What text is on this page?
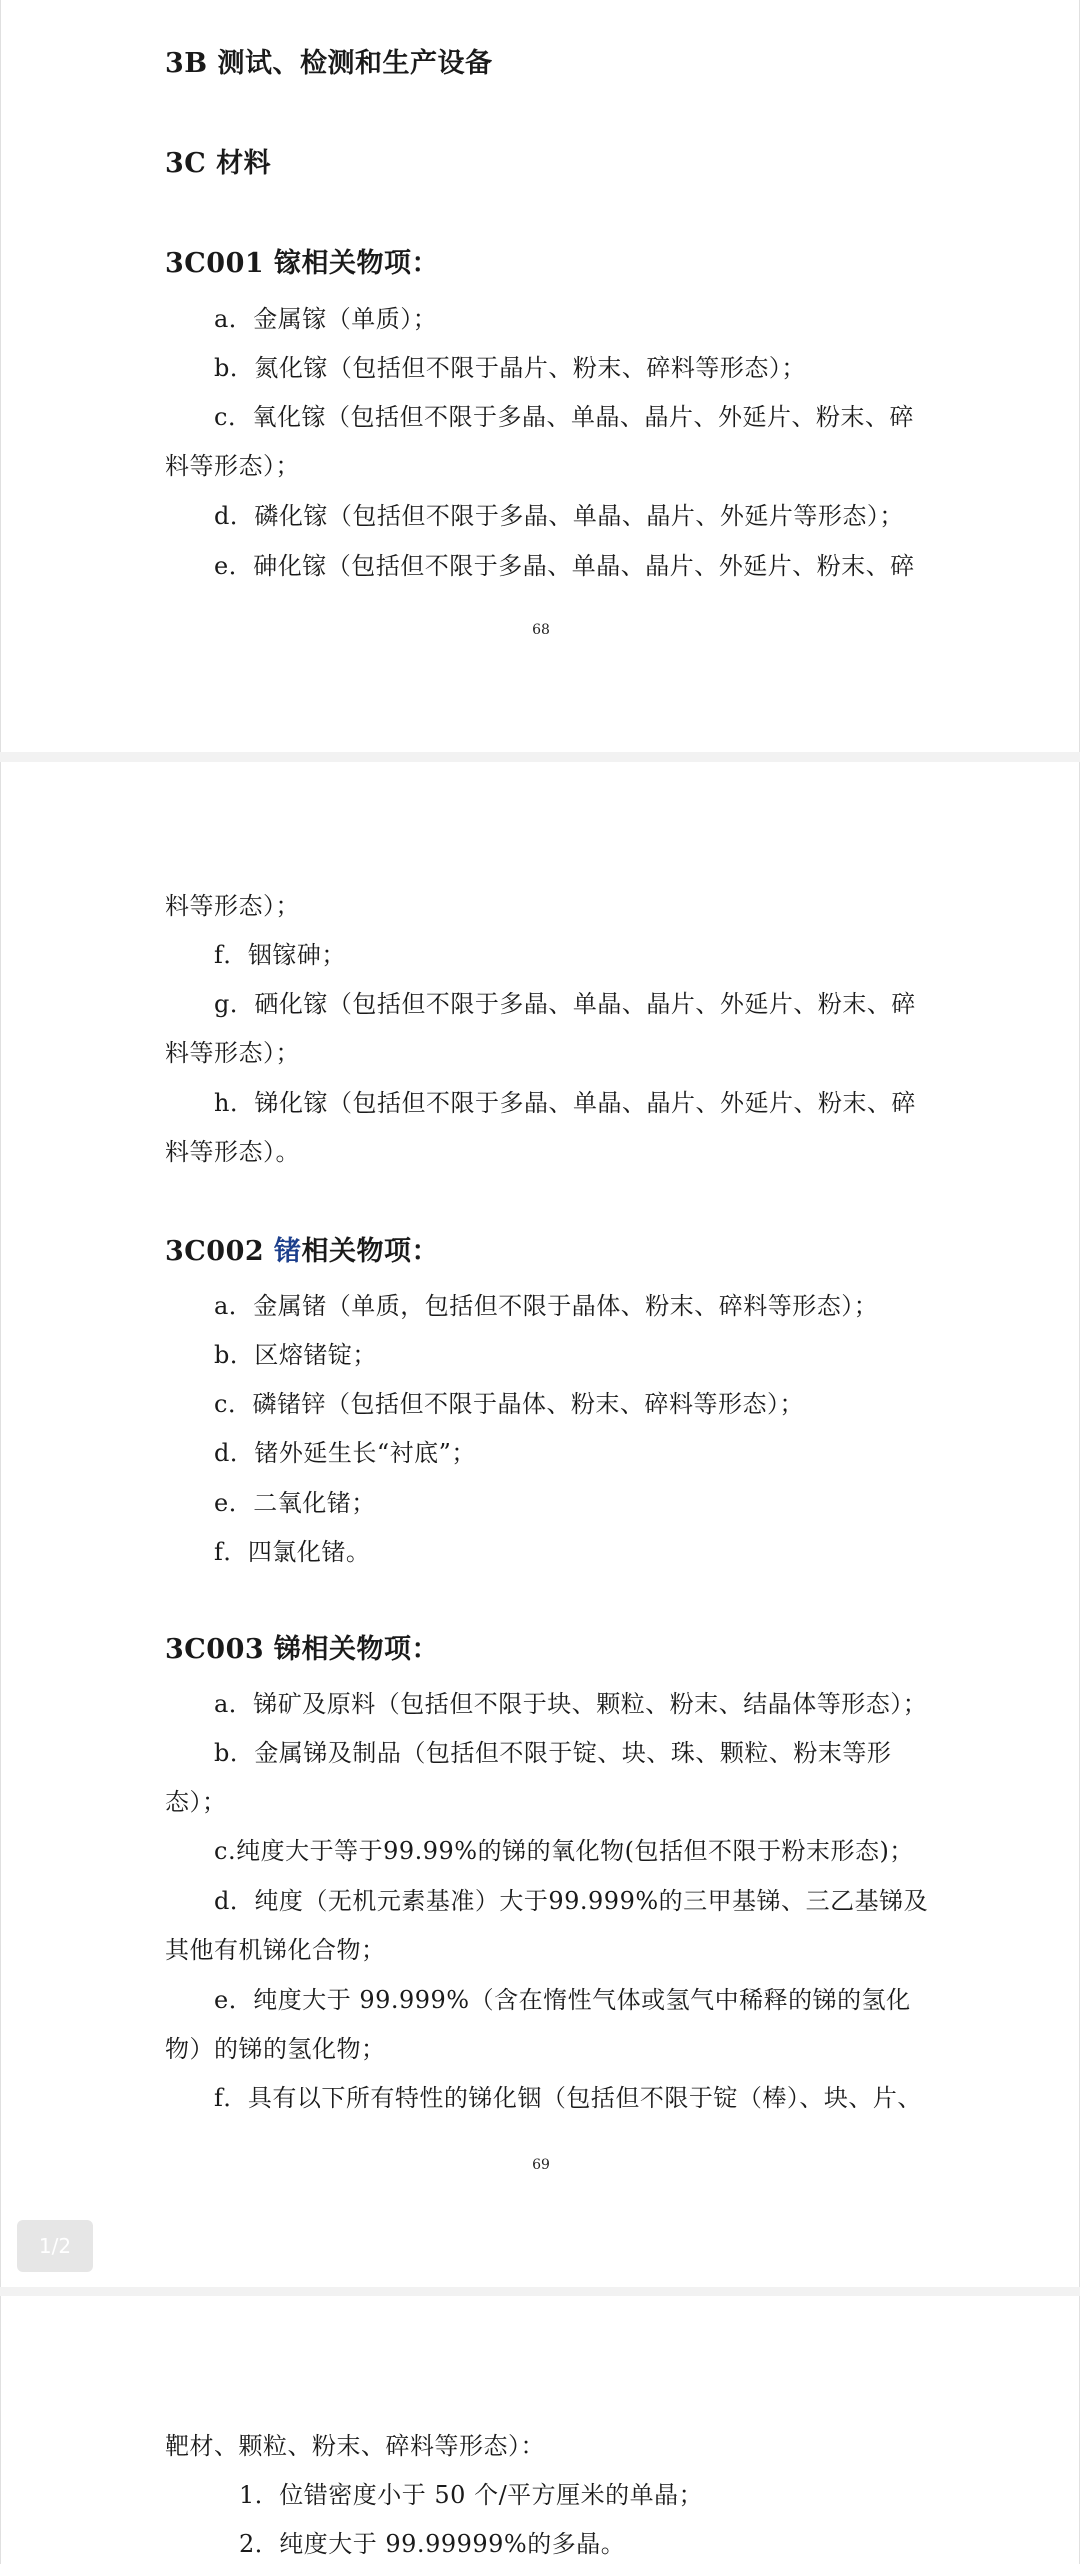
3B 测试、检测和生产设备
3C 材料
3C001 镓相关物项：
a．金属镓（单质）；
b．氮化镓（包括但不限于晶片、粉末、碎料等形态）；
c．氧化镓（包括但不限于多晶、单晶、晶片、外延片、粉末、碎
料等形态）；
d．磷化镓（包括但不限于多晶、单晶、晶片、外延片等形态）；
e．砷化镓（包括但不限于多晶、单晶、晶片、外延片、粉末、碎
68
料等形态）；
f．铟镓砷；
g．硒化镓（包括但不限于多晶、单晶、晶片、外延片、粉末、碎
料等形态）；
h．锑化镓（包括但不限于多晶、单晶、晶片、外延片、粉末、碎
料等形态）。
3C002 锗相关物项：
a．金属锗（单质，包括但不限于晶体、粉末、碎料等形态）；
b．区熔锗锭；
c．磷锗锌（包括但不限于晶体、粉末、碎料等形态）；
d．锗外延生长“衬底”；
e．二氧化锗；
f．四氯化锗。
3C003 锑相关物项：
a．锑矿及原料（包括但不限于块、颗粒、粉末、结晶体等形态）；
b．金属锑及制品（包括但不限于锭、块、珠、颗粒、粉末等形
态）；
c.纯度大于等于99.99%的锑的氧化物(包括但不限于粉末形态)；
d．纯度（无机元素基准）大于99.999%的三甲基锑、三乙基锑及
其他有机锑化合物；
e．纯度大于 99.999%（含在惰性气体或氢气中稀释的锑的氢化
物）的锑的氢化物；
f．具有以下所有特性的锑化铟（包括但不限于锭（棒）、块、片、
69
1/2
靶材、颗粒、粉末、碎料等形态）：
1．位错密度小于 50 个/平方厘米的单晶；
2．纯度大于 99.99999%的多晶。
